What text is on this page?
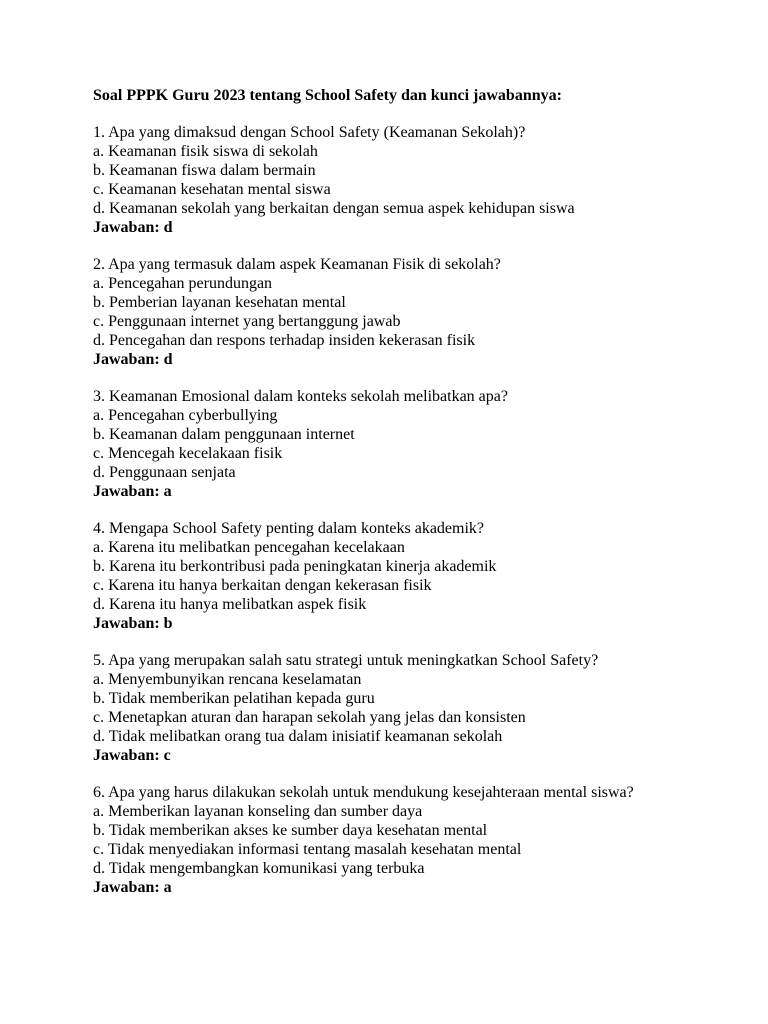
Soal PPPK Guru 2023 tentang School Safety dan kunci jawabannya:
1. Apa yang dimaksud dengan School Safety (Keamanan Sekolah)?
a. Keamanan fisik siswa di sekolah
b. Keamanan fiswa dalam bermain
c. Keamanan kesehatan mental siswa
d. Keamanan sekolah yang berkaitan dengan semua aspek kehidupan siswa
Jawaban: d
2. Apa yang termasuk dalam aspek Keamanan Fisik di sekolah?
a. Pencegahan perundungan
b. Pemberian layanan kesehatan mental
c. Penggunaan internet yang bertanggung jawab
d. Pencegahan dan respons terhadap insiden kekerasan fisik
Jawaban: d
3. Keamanan Emosional dalam konteks sekolah melibatkan apa?
a. Pencegahan cyberbullying
b. Keamanan dalam penggunaan internet
c. Mencegah kecelakaan fisik
d. Penggunaan senjata
Jawaban: a
4. Mengapa School Safety penting dalam konteks akademik?
a. Karena itu melibatkan pencegahan kecelakaan
b. Karena itu berkontribusi pada peningkatan kinerja akademik
c. Karena itu hanya berkaitan dengan kekerasan fisik
d. Karena itu hanya melibatkan aspek fisik
Jawaban: b
5. Apa yang merupakan salah satu strategi untuk meningkatkan School Safety?
a. Menyembunyikan rencana keselamatan
b. Tidak memberikan pelatihan kepada guru
c. Menetapkan aturan dan harapan sekolah yang jelas dan konsisten
d. Tidak melibatkan orang tua dalam inisiatif keamanan sekolah
Jawaban: c
6. Apa yang harus dilakukan sekolah untuk mendukung kesejahteraan mental siswa?
a. Memberikan layanan konseling dan sumber daya
b. Tidak memberikan akses ke sumber daya kesehatan mental
c. Tidak menyediakan informasi tentang masalah kesehatan mental
d. Tidak mengembangkan komunikasi yang terbuka
Jawaban: a
